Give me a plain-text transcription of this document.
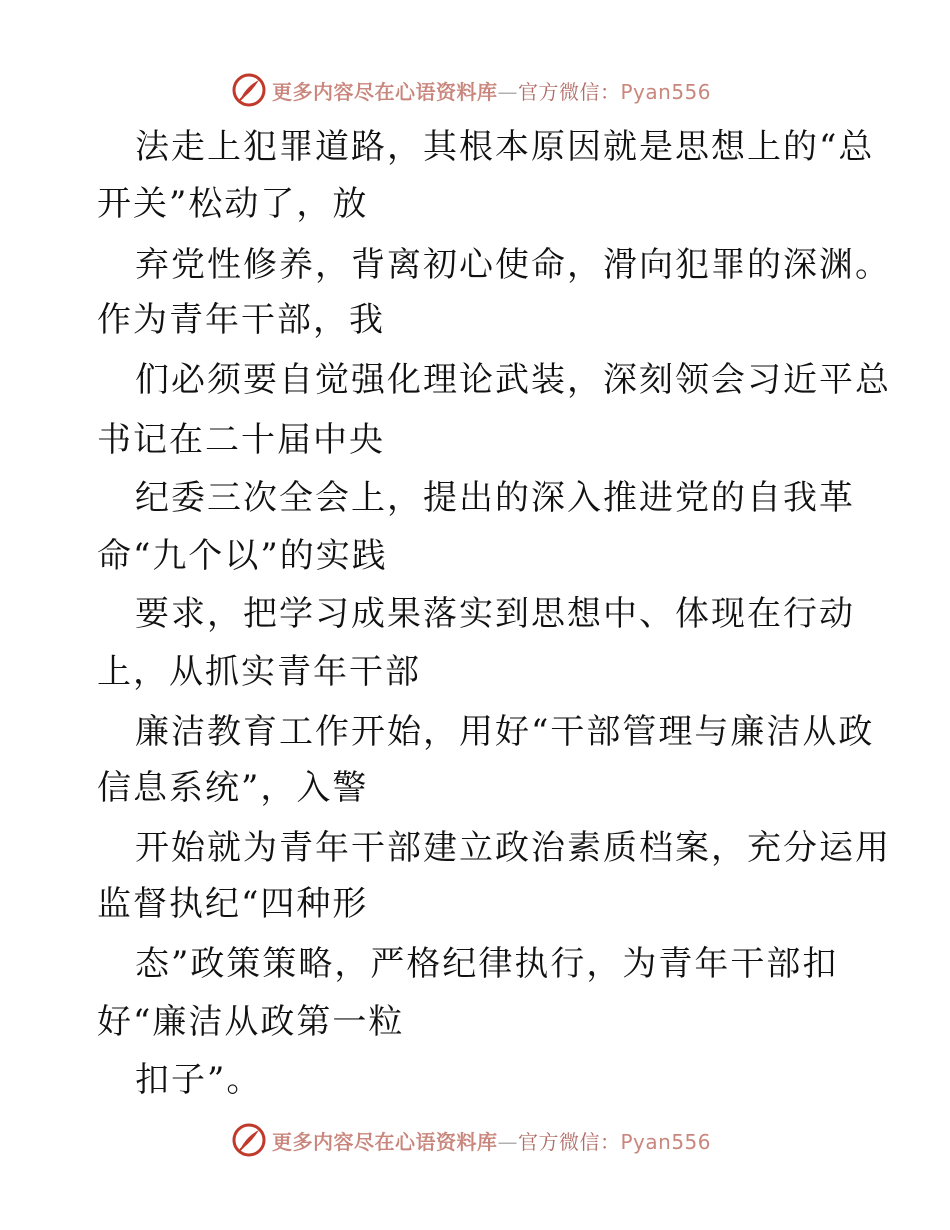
更多内容尽在心语资料库—官方微信：Pyan556
法走上犯罪道路，其根本原因就是思想上的“总
开关”松动了，放
弃党性修养，背离初心使命，滑向犯罪的深渊。
作为青年干部，我
们必须要自觉强化理论武装，深刻领会习近平总
书记在二十届中央
纪委三次全会上，提出的深入推进党的自我革
命“九个以”的实践
要求，把学习成果落实到思想中、体现在行动
上，从抓实青年干部
廉洁教育工作开始，用好“干部管理与廉洁从政
信息系统”，入警
开始就为青年干部建立政治素质档案，充分运用
监督执纪“四种形
态”政策策略，严格纪律执行，为青年干部扣
好“廉洁从政第一粒
扣子”。
更多内容尽在心语资料库—官方微信：Pyan556
